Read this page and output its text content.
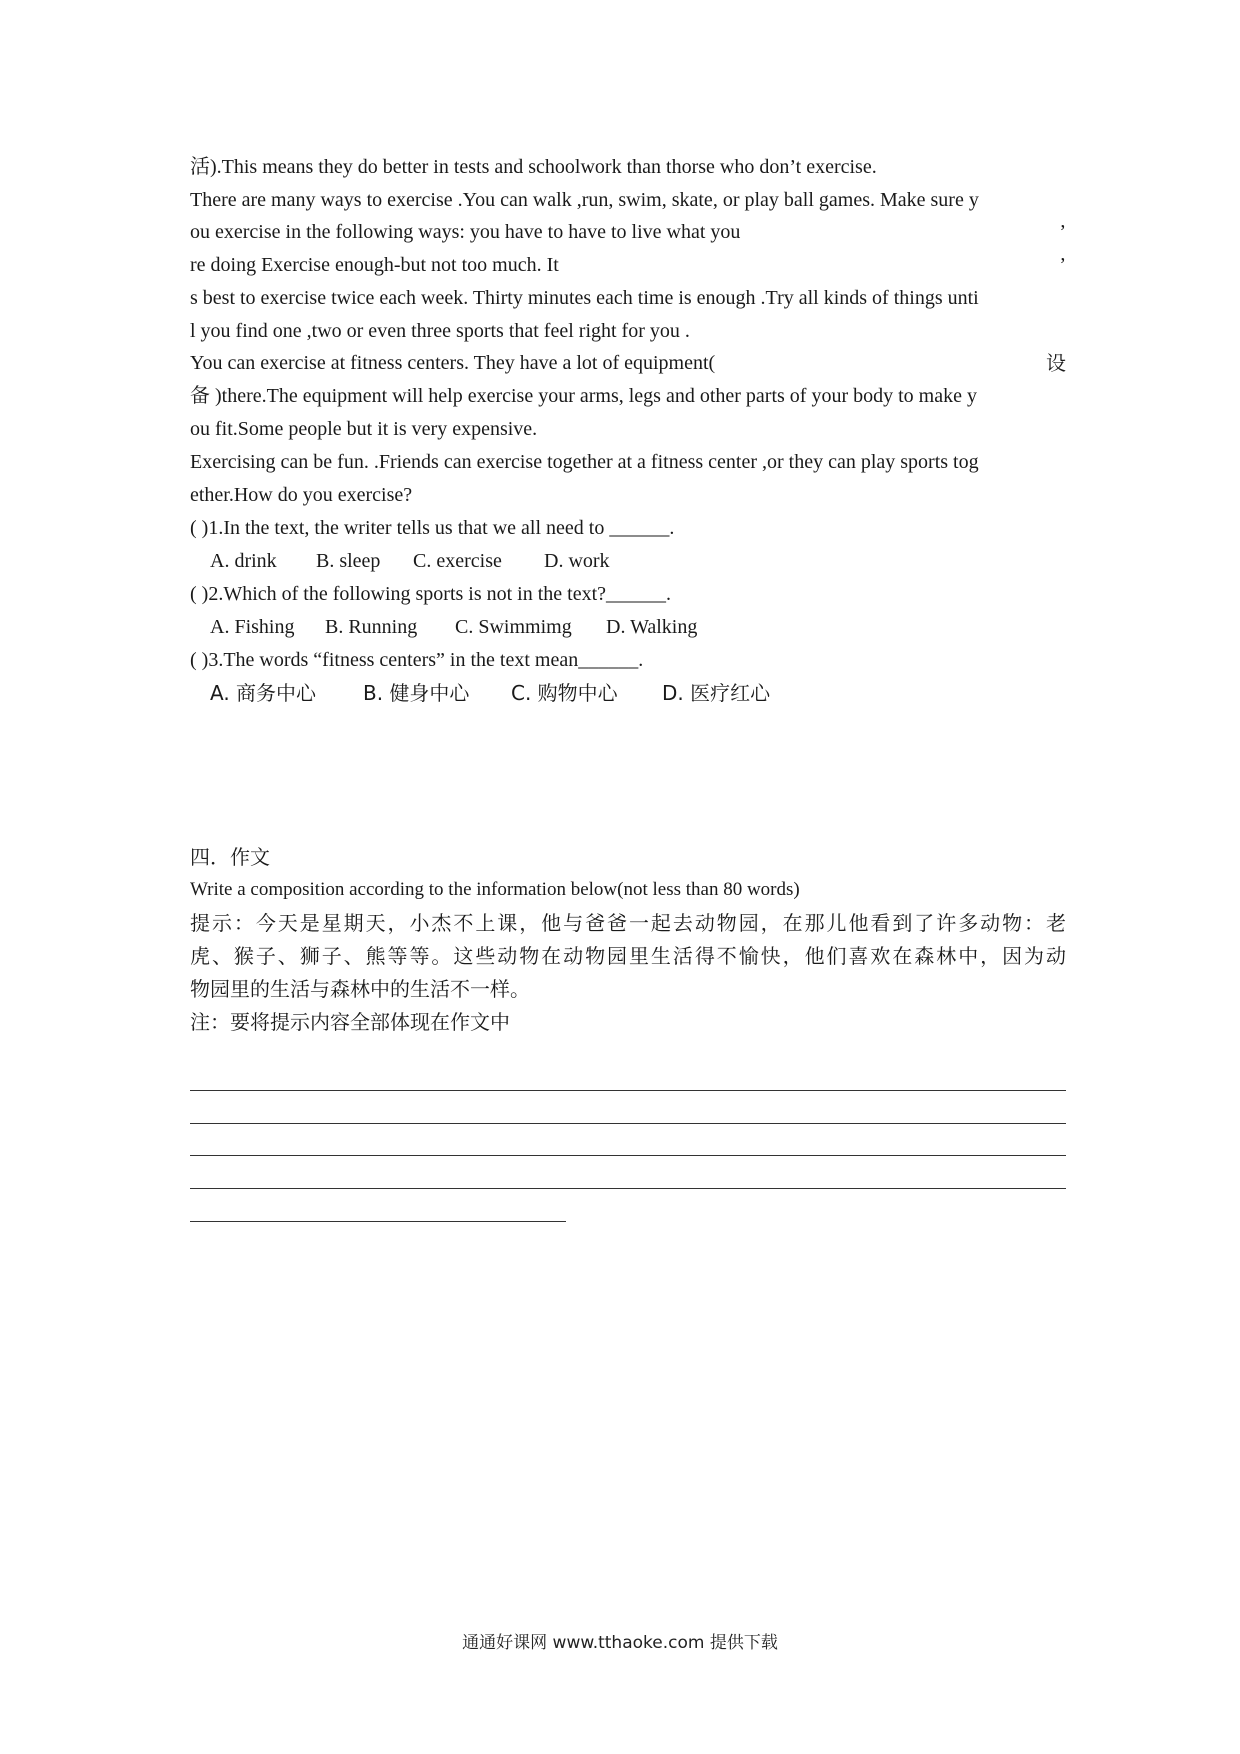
活).This means they do better in tests and schoolwork than thorse who don’t exercise.
There are many ways to exercise .You can walk ,run, swim, skate, or play ball games. Make sure y
ou exercise in the following ways: you have to have to live what you	’
re doing Exercise enough-but not too much. It	’
s best to exercise twice each week. Thirty minutes each time is enough .Try all kinds of things unti
l you find one ,two or even three sports that feel right for you .
You can exercise at fitness centers. They have a lot of equipment(	设
备 )there.The equipment will help exercise your arms, legs and other parts of your body to make y
ou fit.Some people but it is very expensive.
Exercising can be fun. .Friends can exercise together at a fitness center ,or they can play sports tog
ether.How do you exercise?
( )1.In the text, the writer tells us that we all need to ______.
A. drink	B. sleep	C. exercise	D. work
( )2.Which of the following sports is not in the text?______.
A. Fishing	B. Running	C. Swimmimg	D. Walking
( )3.The words “fitness centers” in the text mean______.
A. 商务中心	B. 健身中心	C. 购物中心	D. 医疗红心
四．作文
Write a composition according to the information below(not less than 80 words)
提示：今天是星期天，小杰不上课，他与爸爸一起去动物园，在那儿他看到了许多动物：老
虎、猴子、狮子、熊等等。这些动物在动物园里生活得不愉快，他们喜欢在森林中，因为动
物园里的生活与森林中的生活不一样。
注：要将提示内容全部体现在作文中
通通好课网 www.tthaoke.com 提供下载
